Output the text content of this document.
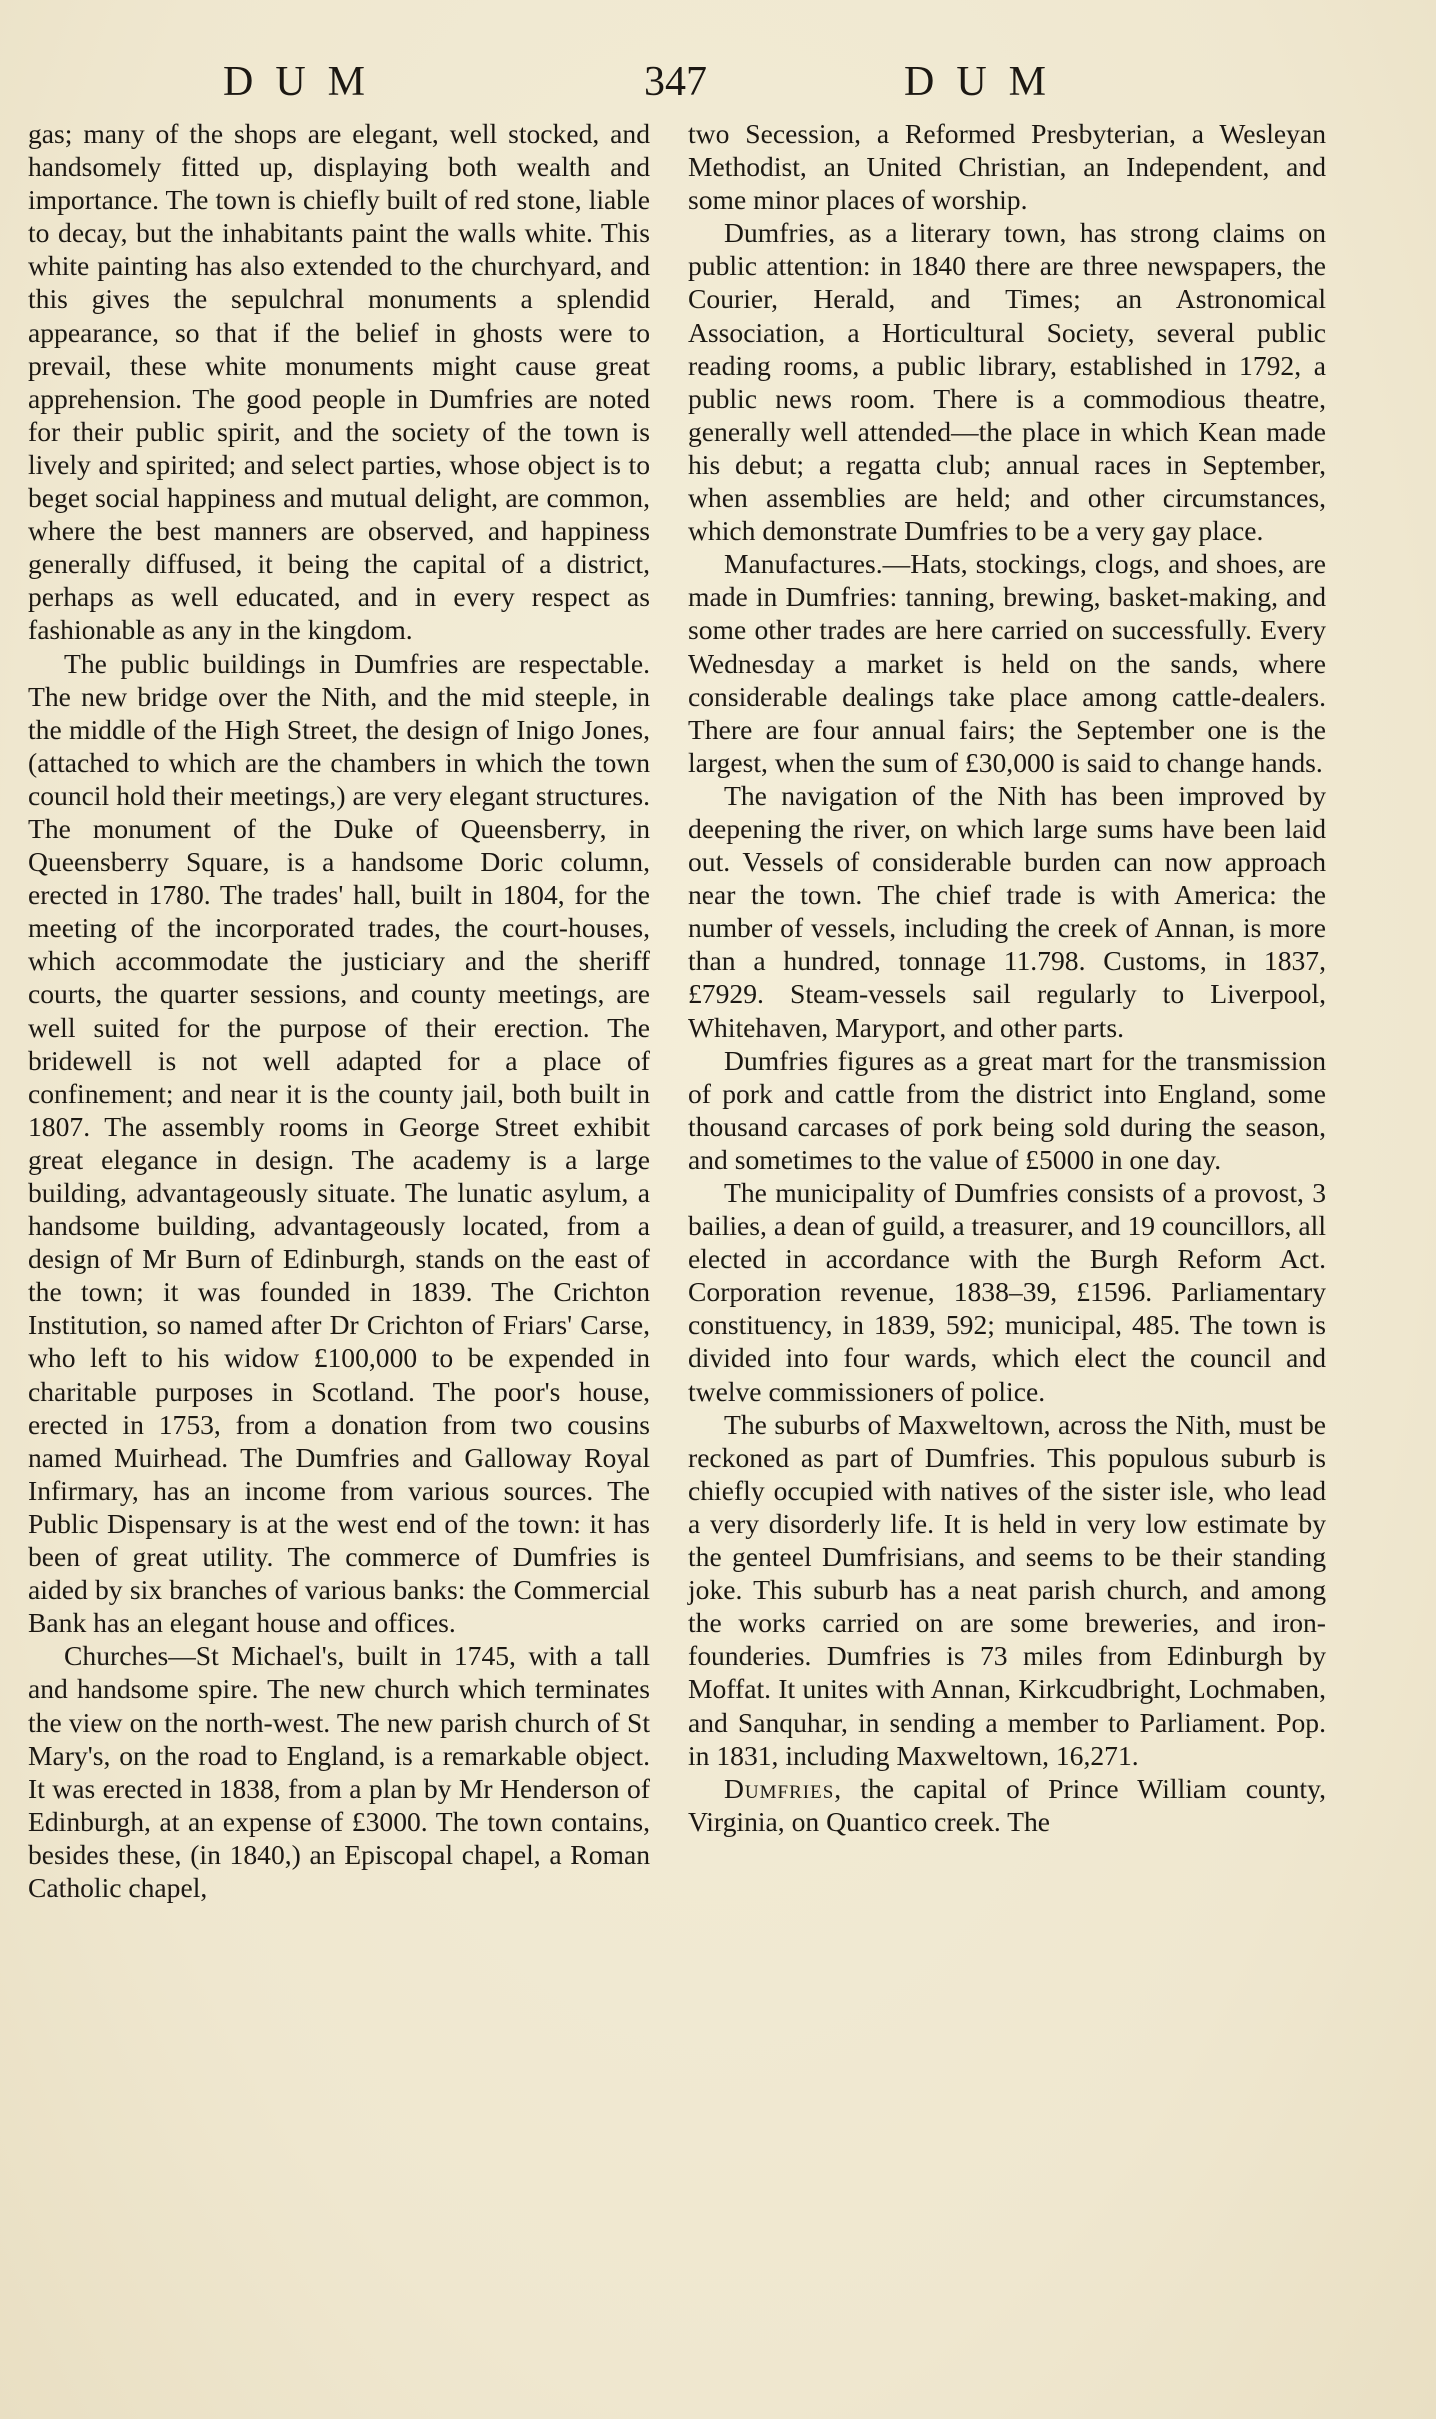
DUM	347	DUM

gas; many of the shops are elegant, well stocked, and handsomely fitted up, displaying both wealth and importance. The town is chiefly built of red stone, liable to decay, but the inhabitants paint the walls white. This white painting has also extended to the churchyard, and this gives the sepulchral monuments a splendid appearance, so that if the belief in ghosts were to prevail, these white monuments might cause great apprehension. The good people in Dumfries are noted for their public spirit, and the society of the town is lively and spirited; and select parties, whose object is to beget social happiness and mutual delight, are common, where the best manners are observed, and happiness generally diffused, it being the capital of a district, perhaps as well educated, and in every respect as fashionable as any in the kingdom.

The public buildings in Dumfries are respectable. The new bridge over the Nith, and the mid steeple, in the middle of the High Street, the design of Inigo Jones, (attached to which are the chambers in which the town council hold their meetings,) are very elegant structures. The monument of the Duke of Queensberry, in Queensberry Square, is a handsome Doric column, erected in 1780. The trades' hall, built in 1804, for the meeting of the incorporated trades, the court-houses, which accommodate the justiciary and the sheriff courts, the quarter sessions, and county meetings, are well suited for the purpose of their erection. The bridewell is not well adapted for a place of confinement; and near it is the county jail, both built in 1807. The assembly rooms in George Street exhibit great elegance in design. The academy is a large building, advantageously situate. The lunatic asylum, a handsome building, advantageously located, from a design of Mr Burn of Edinburgh, stands on the east of the town; it was founded in 1839. The Crichton Institution, so named after Dr Crichton of Friars' Carse, who left to his widow £100,000 to be expended in charitable purposes in Scotland. The poor's house, erected in 1753, from a donation from two cousins named Muirhead. The Dumfries and Galloway Royal Infirmary, has an income from various sources. The Public Dispensary is at the west end of the town: it has been of great utility. The commerce of Dumfries is aided by six branches of various banks: the Commercial Bank has an elegant house and offices.

Churches—St Michael's, built in 1745, with a tall and handsome spire. The new church which terminates the view on the north-west. The new parish church of St Mary's, on the road to England, is a remarkable object. It was erected in 1838, from a plan by Mr Henderson of Edinburgh, at an expense of £3000. The town contains, besides these, (in 1840,) an Episcopal chapel, a Roman Catholic chapel,

two Secession, a Reformed Presbyterian, a Wesleyan Methodist, an United Christian, an Independent, and some minor places of worship.

Dumfries, as a literary town, has strong claims on public attention: in 1840 there are three newspapers, the Courier, Herald, and Times; an Astronomical Association, a Horticultural Society, several public reading rooms, a public library, established in 1792, a public news room. There is a commodious theatre, generally well attended—the place in which Kean made his debut; a regatta club; annual races in September, when assemblies are held; and other circumstances, which demonstrate Dumfries to be a very gay place.

Manufactures.—Hats, stockings, clogs, and shoes, are made in Dumfries: tanning, brewing, basket-making, and some other trades are here carried on successfully. Every Wednesday a market is held on the sands, where considerable dealings take place among cattle-dealers. There are four annual fairs; the September one is the largest, when the sum of £30,000 is said to change hands.

The navigation of the Nith has been improved by deepening the river, on which large sums have been laid out. Vessels of considerable burden can now approach near the town. The chief trade is with America: the number of vessels, including the creek of Annan, is more than a hundred, tonnage 11.798. Customs, in 1837, £7929. Steam-vessels sail regularly to Liverpool, Whitehaven, Maryport, and other parts.

Dumfries figures as a great mart for the transmission of pork and cattle from the district into England, some thousand carcases of pork being sold during the season, and sometimes to the value of £5000 in one day.

The municipality of Dumfries consists of a provost, 3 bailies, a dean of guild, a treasurer, and 19 councillors, all elected in accordance with the Burgh Reform Act. Corporation revenue, 1838–39, £1596. Parliamentary constituency, in 1839, 592; municipal, 485. The town is divided into four wards, which elect the council and twelve commissioners of police.

The suburbs of Maxweltown, across the Nith, must be reckoned as part of Dumfries. This populous suburb is chiefly occupied with natives of the sister isle, who lead a very disorderly life. It is held in very low estimate by the genteel Dumfrisians, and seems to be their standing joke. This suburb has a neat parish church, and among the works carried on are some breweries, and iron-founderies. Dumfries is 73 miles from Edinburgh by Moffat. It unites with Annan, Kirkcudbright, Lochmaben, and Sanquhar, in sending a member to Parliament. Pop. in 1831, including Maxweltown, 16,271.

Dumfries, the capital of Prince William county, Virginia, on Quantico creek. The
